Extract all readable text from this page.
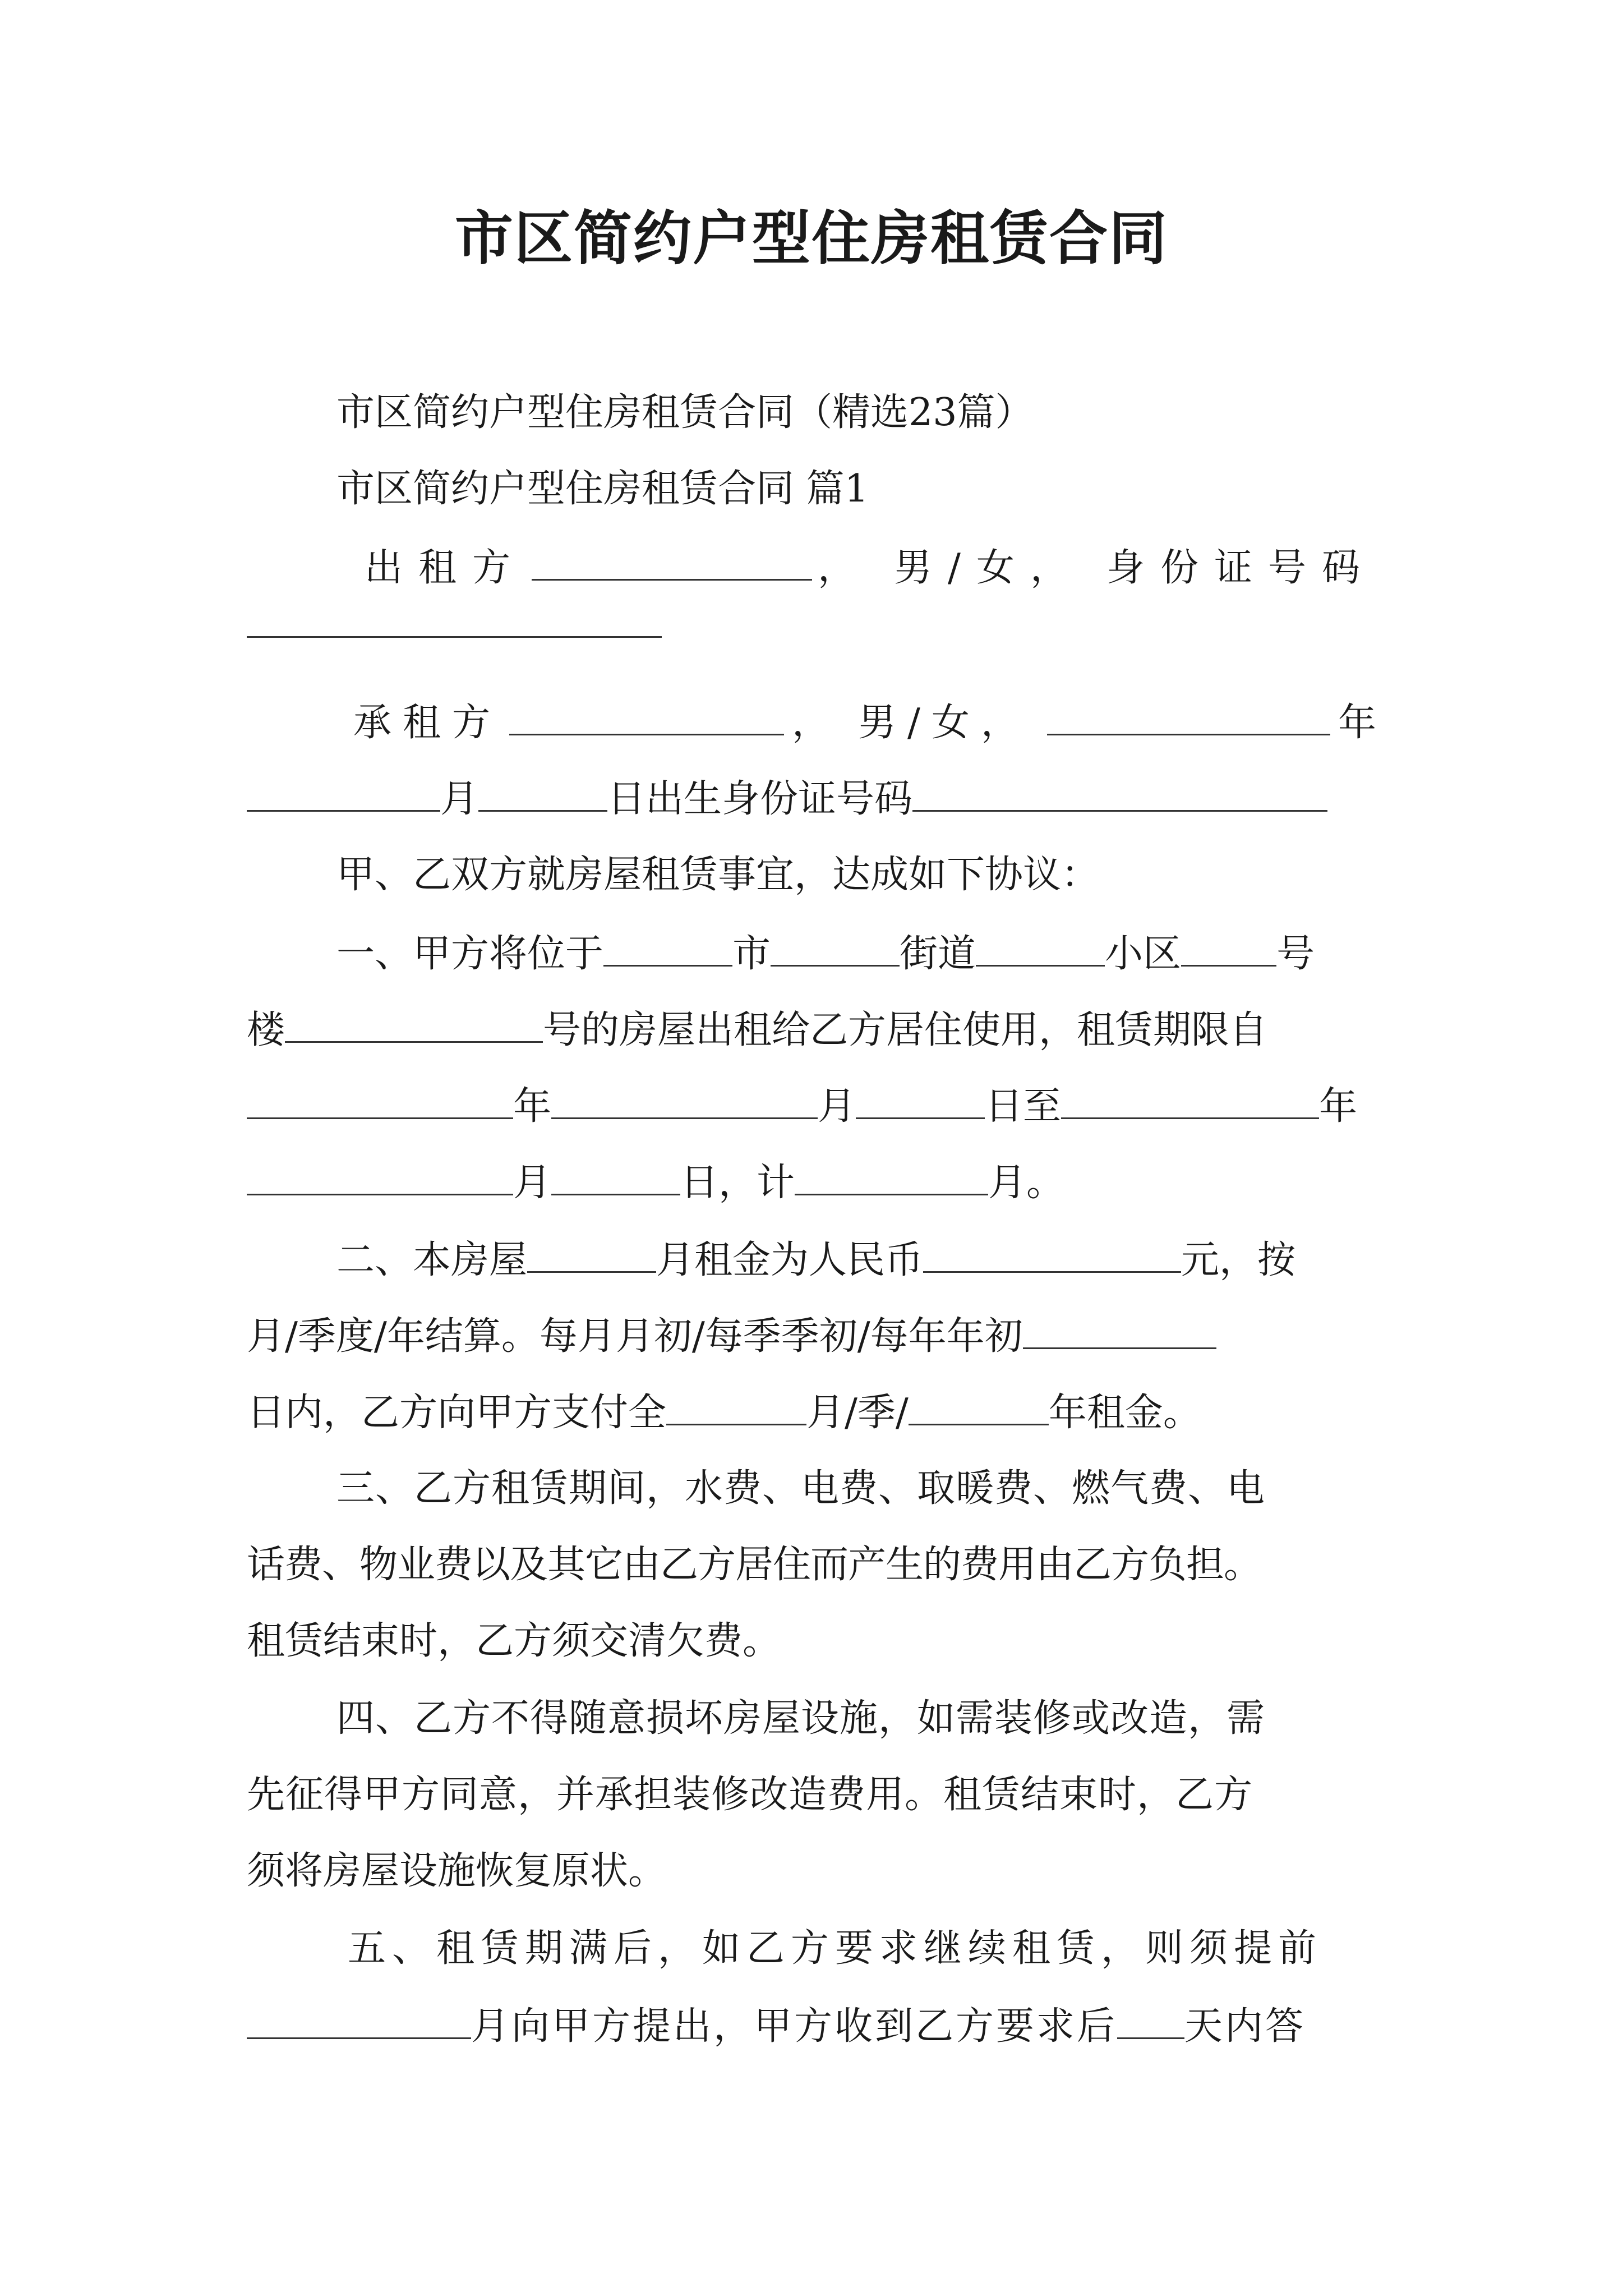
市区简约户型住房租赁合同
市区简约户型住房租赁合同（精选23篇）
市区简约户型住房租赁合同 篇1
出租方	， 男/女 ， 身份证号码
承租方	， 男/女 ，	年
月	日出生身份证号码
甲、乙双方就房屋租赁事宜，达成如下协议：
一、甲方将位于	市	街道	小区	号
楼	号的房屋出租给乙方居住使用，租赁期限自
年	月	日至	年
月	日，计	月。
二、本房屋	月租金为人民币	元，按
月/季度/年结算。每月月初/每季季初/每年年初
日内，乙方向甲方支付全	月/季/	年租金。
三、乙方租赁期间，水费、电费、取暖费、燃气费、电
话费、物业费以及其它由乙方居住而产生的费用由乙方负担。
租赁结束时，乙方须交清欠费。
四、乙方不得随意损坏房屋设施，如需装修或改造，需
先征得甲方同意，并承担装修改造费用。租赁结束时，乙方
须将房屋设施恢复原状。
五、租赁期满后，如乙方要求继续租赁，则须提前
月向甲方提出，甲方收到乙方要求后 天内答
